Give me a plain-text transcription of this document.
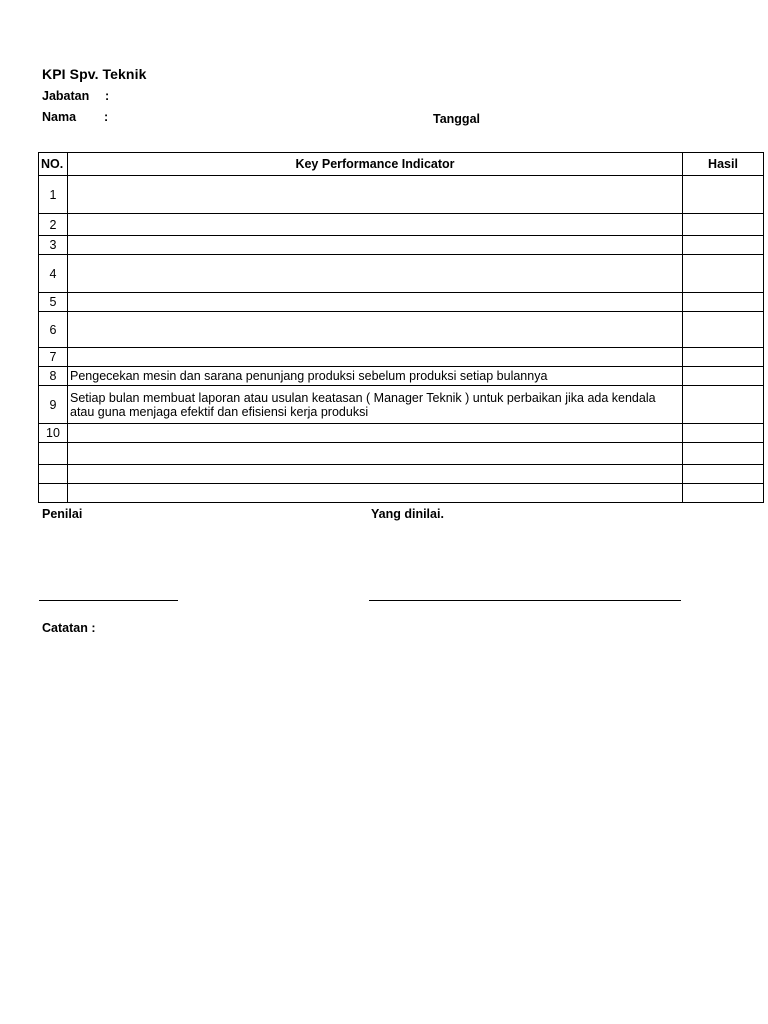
KPI Spv. Teknik
Jabatan :
Nama :	Tanggal
NO.	Key Performance Indicator	Hasil
1		
2		
3		
4		
5		
6		
7		
8	Pengecekan mesin dan sarana penunjang produksi sebelum produksi setiap bulannya	
9	Setiap bulan membuat laporan atau usulan keatasan ( Manager Teknik ) untuk perbaikan jika ada kendala atau guna menjaga efektif dan efisiensi kerja produksi	
10		

Penilai	Yang dinilai.
Catatan :
